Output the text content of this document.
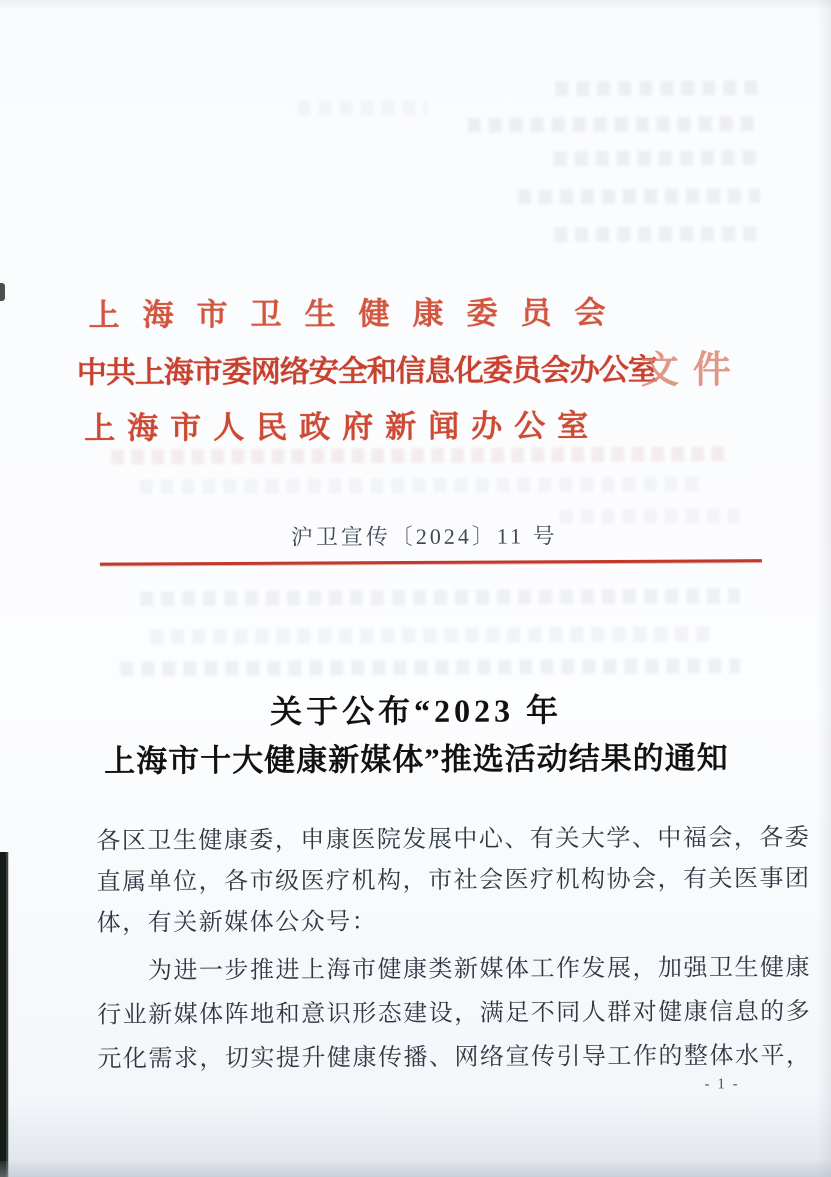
上海市卫生健康委员会
中共上海市委网络安全和信息化委员会办公室
文件
上海市人民政府新闻办公室
沪卫宣传〔2024〕11 号
关于公布“2023 年
上海市十大健康新媒体”推选活动结果的通知
各区卫生健康委，申康医院发展中心、有关大学、中福会，各委
直属单位，各市级医疗机构，市社会医疗机构协会，有关医事团
体，有关新媒体公众号：
　　为进一步推进上海市健康类新媒体工作发展，加强卫生健康
行业新媒体阵地和意识形态建设，满足不同人群对健康信息的多
元化需求，切实提升健康传播、网络宣传引导工作的整体水平，
- 1 -
